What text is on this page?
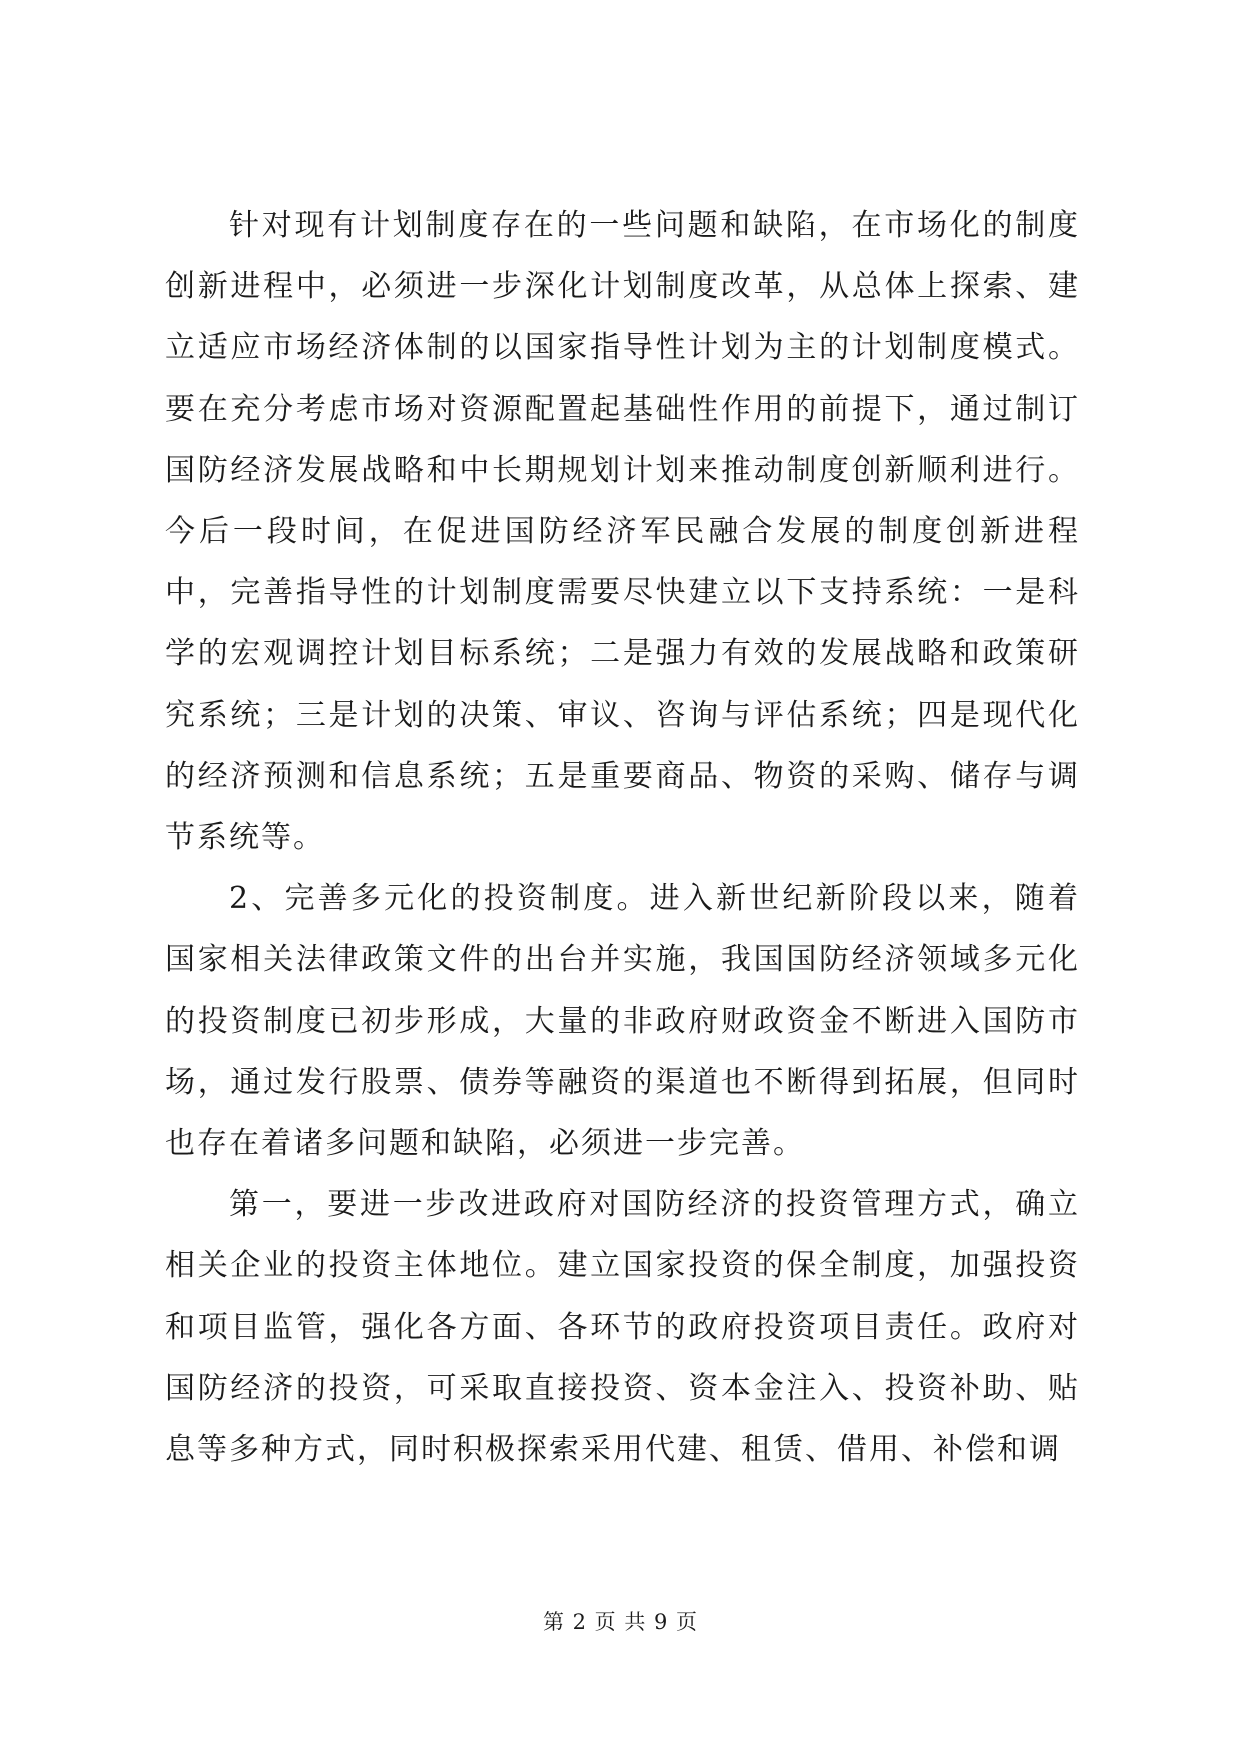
针对现有计划制度存在的一些问题和缺陷，在市场化的制度创新进程中，必须进一步深化计划制度改革，从总体上探索、建立适应市场经济体制的以国家指导性计划为主的计划制度模式。要在充分考虑市场对资源配置起基础性作用的前提下，通过制订国防经济发展战略和中长期规划计划来推动制度创新顺利进行。今后一段时间，在促进国防经济军民融合发展的制度创新进程中，完善指导性的计划制度需要尽快建立以下支持系统：一是科学的宏观调控计划目标系统；二是强力有效的发展战略和政策研究系统；三是计划的决策、审议、咨询与评估系统；四是现代化的经济预测和信息系统；五是重要商品、物资的采购、储存与调节系统等。

2、完善多元化的投资制度。进入新世纪新阶段以来，随着国家相关法律政策文件的出台并实施，我国国防经济领域多元化的投资制度已初步形成，大量的非政府财政资金不断进入国防市场，通过发行股票、债券等融资的渠道也不断得到拓展，但同时也存在着诸多问题和缺陷，必须进一步完善。

第一，要进一步改进政府对国防经济的投资管理方式，确立相关企业的投资主体地位。建立国家投资的保全制度，加强投资和项目监管，强化各方面、各环节的政府投资项目责任。政府对国防经济的投资，可采取直接投资、资本金注入、投资补助、贴息等多种方式，同时积极探索采用代建、租赁、借用、补偿和调

第 2 页 共 9 页
